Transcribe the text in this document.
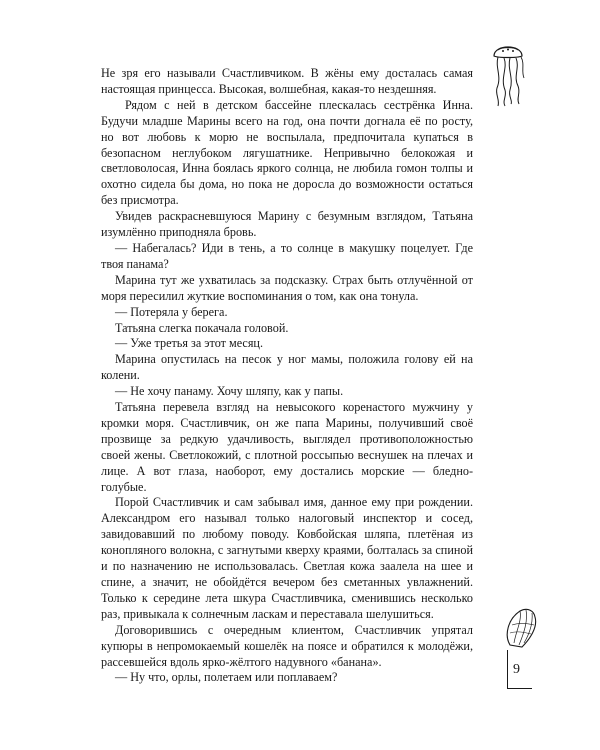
Не зря его называли Счастливчиком. В жёны ему досталась самая настоящая принцесса. Высокая, волшебная, какая-то нездешняя.

Рядом с ней в детском бассейне плескалась сестрёнка Инна. Будучи младше Марины всего на год, она почти догнала её по росту, но вот любовь к морю не воспылала, предпочитала купаться в безопасном неглубоком лягушатнике. Непривычно белокожая и светловолосая, Инна боялась яркого солнца, не любила гомон толпы и охотно сидела бы дома, но пока не доросла до возможности остаться без присмотра.

Увидев раскрасневшуюся Марину с безумным взглядом, Татьяна изумлённо приподняла бровь.

— Набегалась? Иди в тень, а то солнце в макушку поцелует. Где твоя панама?

Марина тут же ухватилась за подсказку. Страх быть отлучённой от моря пересилил жуткие воспоминания о том, как она тонула.

— Потеряла у берега.

Татьяна слегка покачала головой.

— Уже третья за этот месяц.

Марина опустилась на песок у ног мамы, положила голову ей на колени.

— Не хочу панаму. Хочу шляпу, как у папы.

Татьяна перевела взгляд на невысокого коренастого мужчину у кромки моря. Счастливчик, он же папа Марины, получивший своё прозвище за редкую удачливость, выглядел противоположностью своей жены. Светлокожий, с плотной россыпью веснушек на плечах и лице. А вот глаза, наоборот, ему достались морские — бледно-голубые.

Порой Счастливчик и сам забывал имя, данное ему при рождении. Александром его называл только налоговый инспектор и сосед, завидовавший по любому поводу. Ковбойская шляпа, плетёная из конопляного волокна, с загнутыми кверху краями, болталась за спиной и по назначению не использовалась. Светлая кожа заалела на шее и спине, а значит, не обойдётся вечером без сметанных увлажнений. Только к середине лета шкура Счастливчика, сменившись несколько раз, привыкала к солнечным ласкам и переставала шелушиться.

Договорившись с очередным клиентом, Счастливчик упрятал купюры в непромокаемый кошелёк на поясе и обратился к молодёжи, рассевшейся вдоль ярко-жёлтого надувного «банана».

— Ну что, орлы, полетаем или поплаваем?

9
